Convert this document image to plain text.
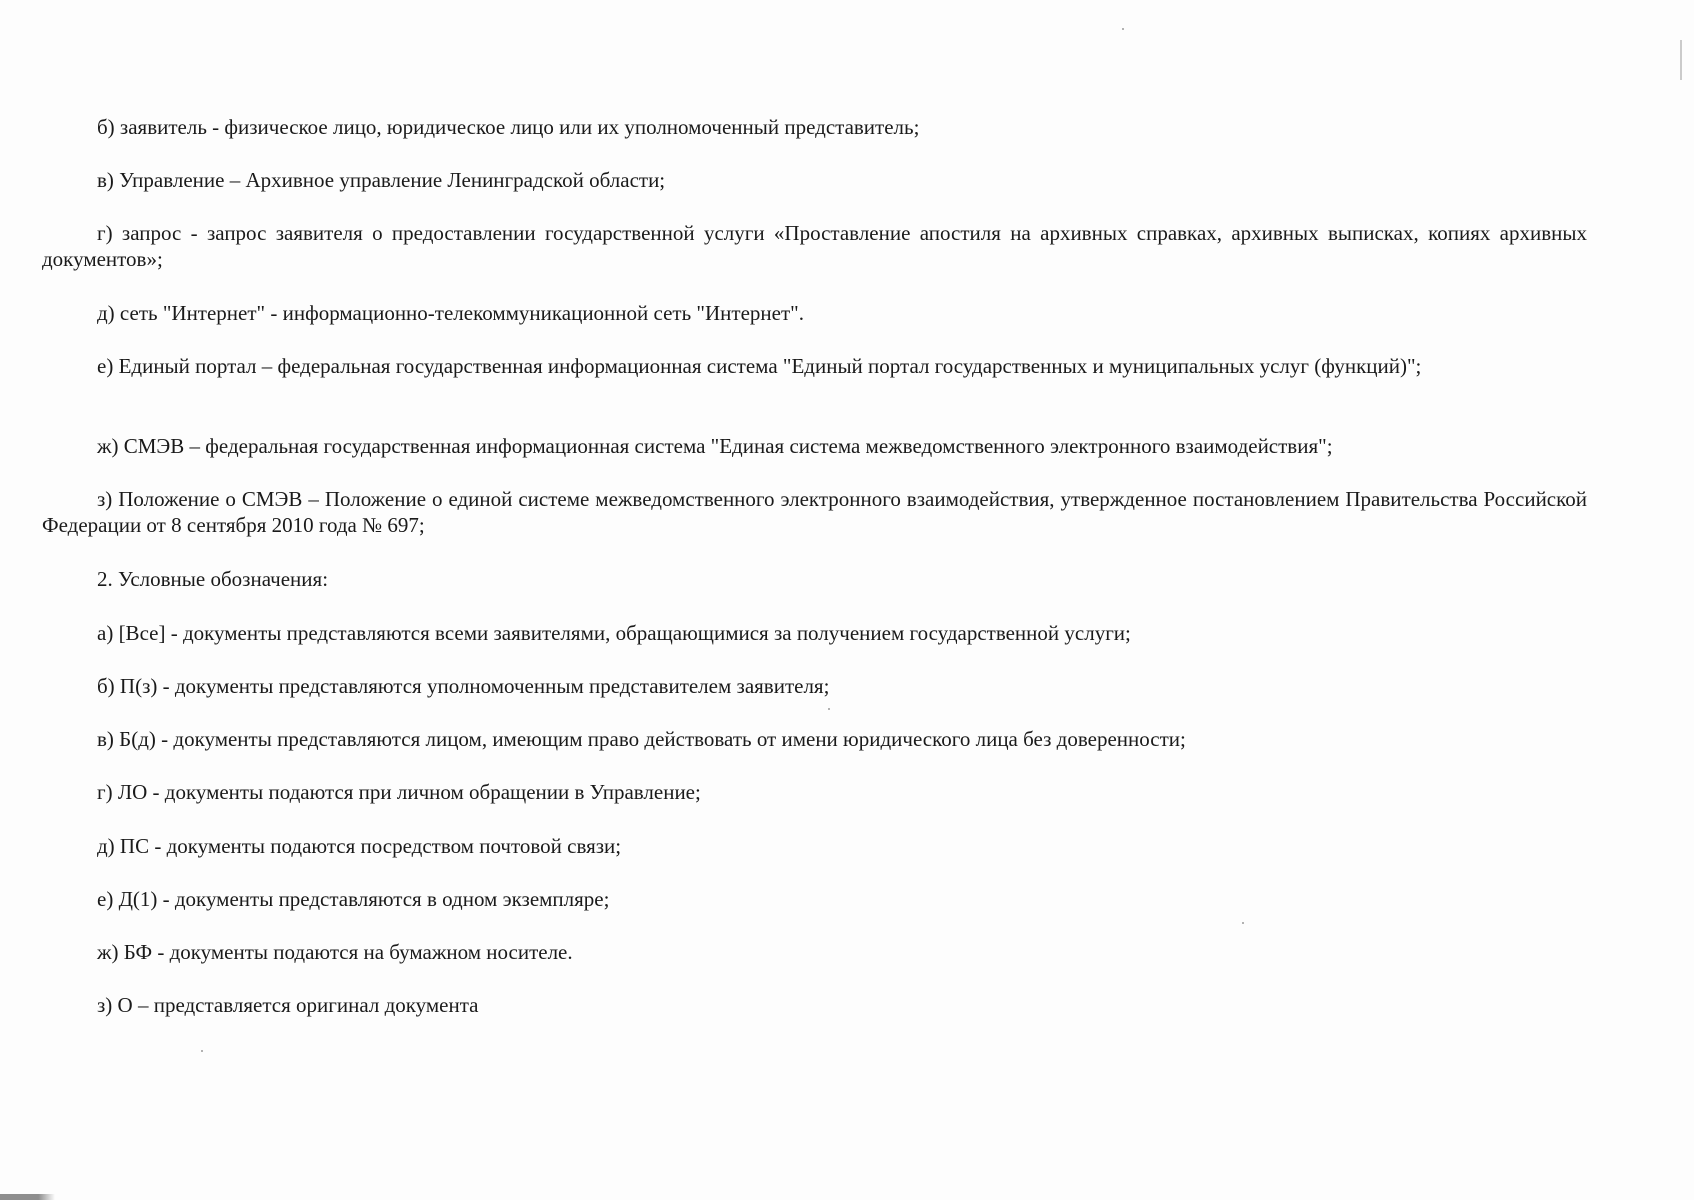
б) заявитель - физическое лицо, юридическое лицо или их уполномоченный представитель;

в) Управление – Архивное управление Ленинградской области;

г) запрос - запрос заявителя о предоставлении государственной услуги «Проставление апостиля на архивных справках, архивных выписках, копиях архивных документов»;

д) сеть "Интернет" - информационно-телекоммуникационной сеть "Интернет".

е) Единый портал – федеральная государственная информационная система "Единый портал государственных и муниципальных услуг (функций)";

ж) СМЭВ – федеральная государственная информационная система "Единая система межведомственного электронного взаимодействия";

з) Положение о СМЭВ – Положение о единой системе межведомственного электронного взаимодействия, утвержденное постановлением Правительства Российской Федерации от 8 сентября 2010 года № 697;

2. Условные обозначения:

а) [Все] - документы представляются всеми заявителями, обращающимися за получением государственной услуги;

б) П(з) - документы представляются уполномоченным представителем заявителя;

в) Б(д) - документы представляются лицом, имеющим право действовать от имени юридического лица без доверенности;

г) ЛО - документы подаются при личном обращении в Управление;

д) ПС - документы подаются посредством почтовой связи;

е) Д(1) - документы представляются в одном экземпляре;

ж) БФ - документы подаются на бумажном носителе.

з) О – представляется оригинал документа
